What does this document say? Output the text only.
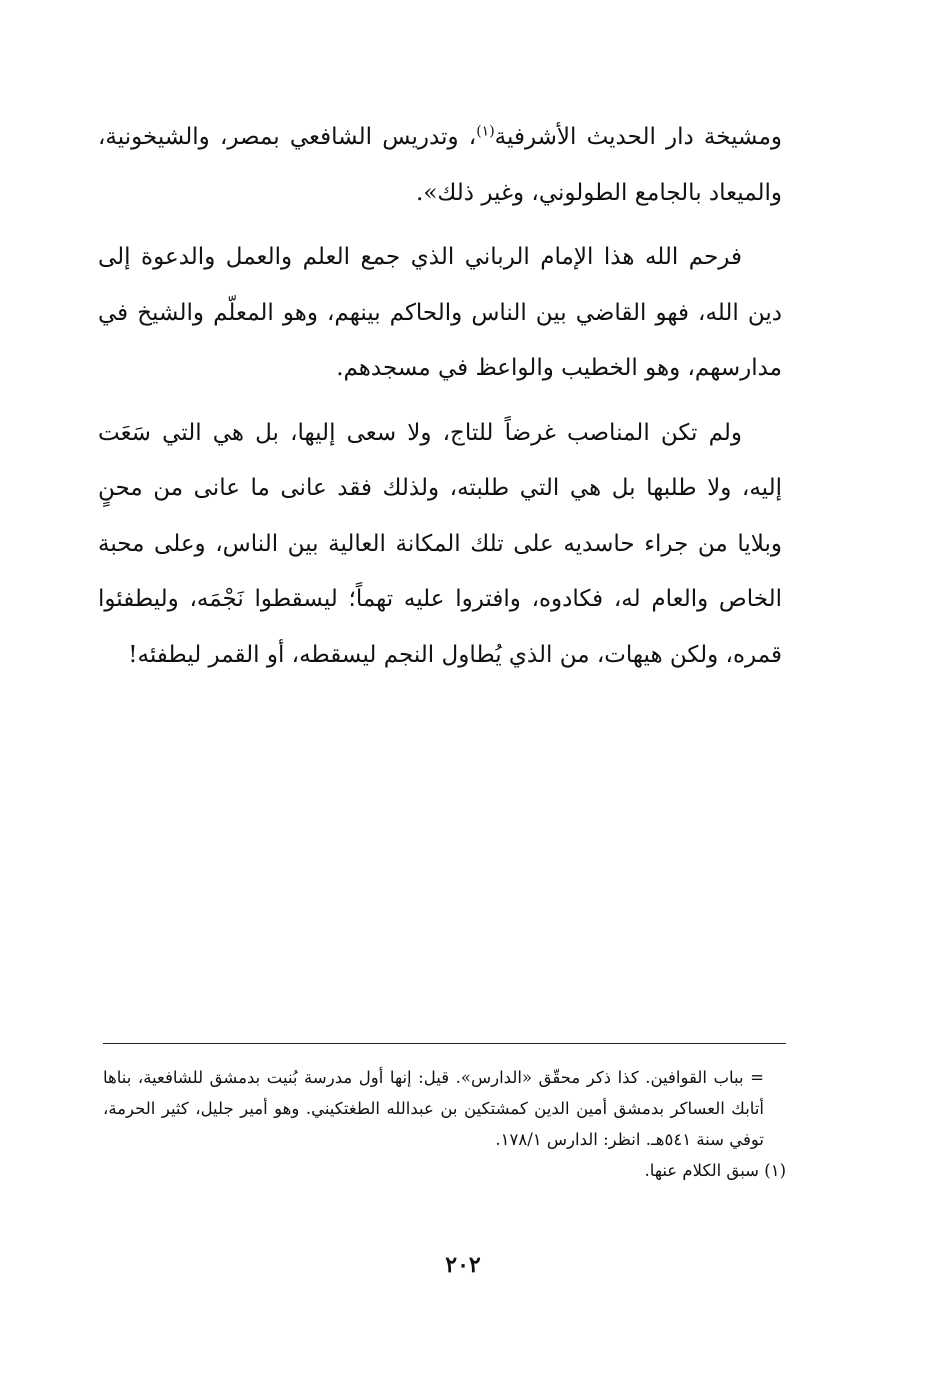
ومشيخة دار الحديث الأشرفية$^{(١)}$، وتدريس الشافعي بمصر، والشيخونية، والميعاد بالجامع الطولوني، وغير ذلك».

فرحم الله هذا الإمام الرباني الذي جمع العلم والعمل والدعوة إلى دين الله، فهو القاضي بين الناس والحاكم بينهم، وهو المعلّم والشيخ في مدارسهم، وهو الخطيب والواعظ في مسجدهم.

ولم تكن المناصب غرضاً للتاج، ولا سعى إليها، بل هي التي سَعَت إليه، ولا طلبها بل هي التي طلبته، ولذلك فقد عانى ما عانى من محنٍ وبلايا من جراء حاسديه على تلك المكانة العالية بين الناس، وعلى محبة الخاص والعام له، فكادوه، وافتروا عليه تهماً؛ ليسقطوا نَجْمَه، وليطفئوا قمره، ولكن هيهات، من الذي يُطاول النجم ليسقطه، أو القمر ليطفئه!

= بباب القوافين. كذا ذكر محقّق «الدارس». قيل: إنها أول مدرسة بُنيت بدمشق للشافعية، بناها أتابك العساكر بدمشق أمين الدين كمشتكين بن عبدالله الطغتكيني. وهو أمير جليل، كثير الحرمة، توفي سنة ٥٤١هـ. انظر: الدارس ١٧٨/١.

(١) سبق الكلام عنها.

٢٠٢
